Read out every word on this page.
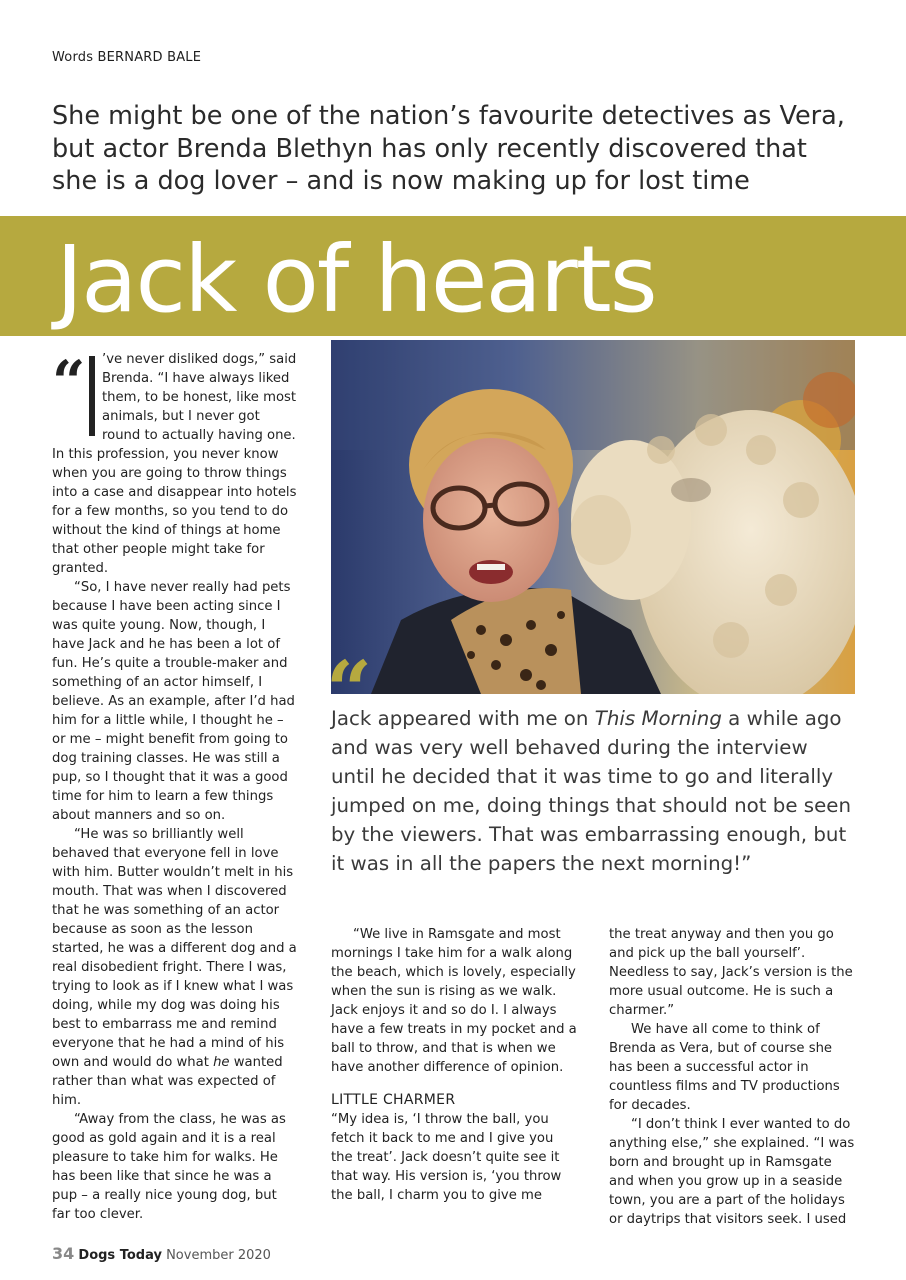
Words BERNARD BALE

She might be one of the nation’s favourite detectives as Vera, but actor Brenda Blethyn has only recently discovered that she is a dog lover – and is now making up for lost time

Jack of hearts
“	’ve never disliked dogs,” said Brenda. “I have always liked them, to be honest, like most animals, but I never got round to actually having one.

In this profession, you never know when you are going to throw things into a case and disappear into hotels for a few months, so you tend to do without the kind of things at home that other people might take for granted.

“So, I have never really had pets because I have been acting since I was quite young. Now, though, I have Jack and he has been a lot of fun. He’s quite a trouble-maker and something of an actor himself, I believe. As an example, after I’d had him for a little while, I thought he – or me – might benefit from going to dog training classes. He was still a pup, so I thought that it was a good time for him to learn a few things about manners and so on.

“He was so brilliantly well behaved that everyone fell in love with him. Butter wouldn’t melt in his mouth. That was when I discovered that he was something of an actor because as soon as the lesson started, he was a different dog and a real disobedient fright. There I was, trying to look as if I knew what I was doing, while my dog was doing his best to embarrass me and remind everyone that he had a mind of his own and would do what he wanted rather than what was expected of him.

“Away from the class, he was as good as gold again and it is a real pleasure to take him for walks. He has been like that since he was a pup – a really nice young dog, but far too clever.

“

Jack appeared with me on This Morning a while ago and was very well behaved during the interview until he decided that it was time to go and literally jumped on me, doing things that should not be seen by the viewers. That was embarrassing enough, but it was in all the papers the next morning!”

“We live in Ramsgate and most mornings I take him for a walk along the beach, which is lovely, especially when the sun is rising as we walk. Jack enjoys it and so do I. I always have a few treats in my pocket and a ball to throw, and that is when we have another difference of opinion.

LITTLE CHARMER

“My idea is, ‘I throw the ball, you fetch it back to me and I give you the treat’. Jack doesn’t quite see it that way. His version is, ‘you throw the ball, I charm you to give me

the treat anyway and then you go and pick up the ball yourself’. Needless to say, Jack’s version is the more usual outcome. He is such a charmer.”

We have all come to think of Brenda as Vera, but of course she has been a successful actor in countless films and TV productions for decades.

“I don’t think I ever wanted to do anything else,” she explained. “I was born and brought up in Ramsgate and when you grow up in a seaside town, you are a part of the holidays or daytrips that visitors seek. I used

34 Dogs Today November 2020
